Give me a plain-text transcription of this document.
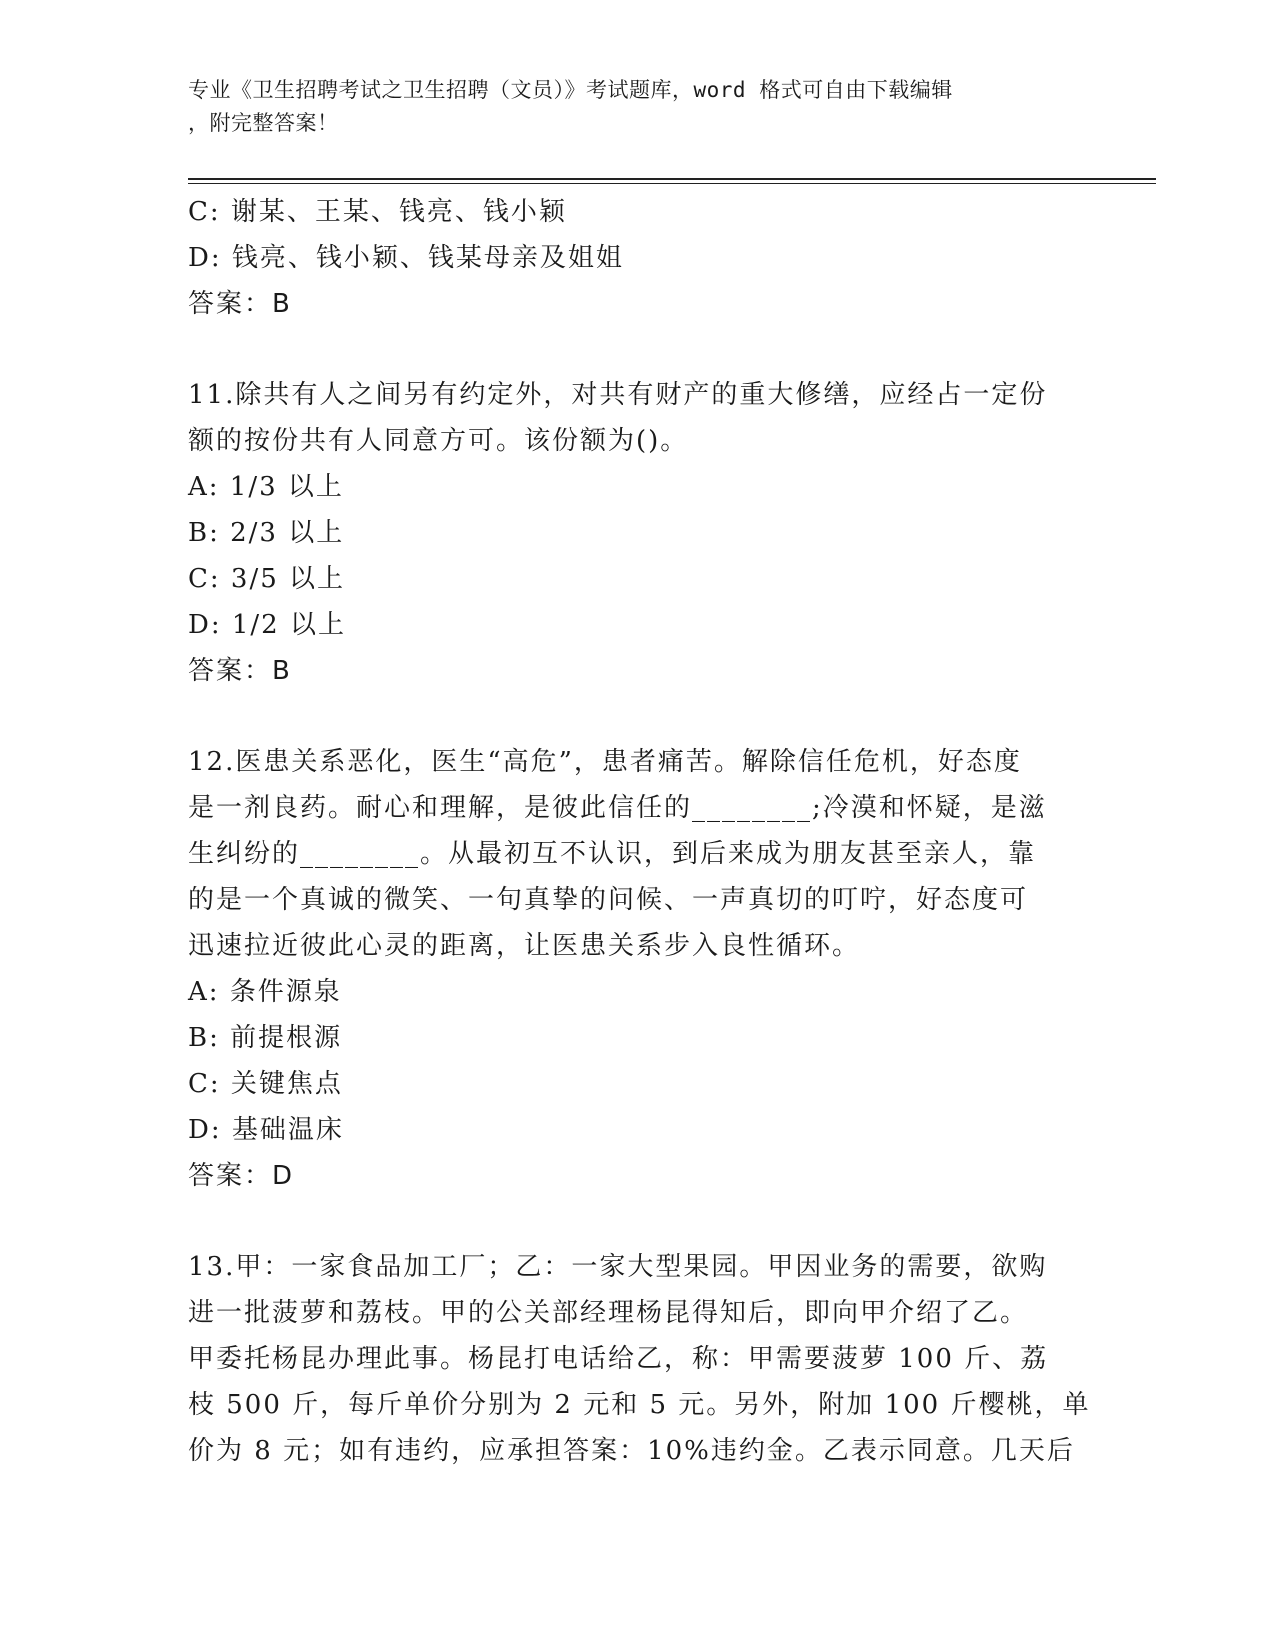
专业《卫生招聘考试之卫生招聘（文员）》考试题库，word 格式可自由下载编辑
，附完整答案！
C: 谢某、王某、钱亮、钱小颖
D: 钱亮、钱小颖、钱某母亲及姐姐
答案：B
11.除共有人之间另有约定外，对共有财产的重大修缮，应经占一定份
额的按份共有人同意方可。该份额为()。
A: 1/3 以上
B: 2/3 以上
C: 3/5 以上
D: 1/2 以上
答案：B
12.医患关系恶化，医生“高危”，患者痛苦。解除信任危机，好态度
是一剂良药。耐心和理解，是彼此信任的________;冷漠和怀疑，是滋
生纠纷的________。从最初互不认识，到后来成为朋友甚至亲人，靠
的是一个真诚的微笑、一句真挚的问候、一声真切的叮咛，好态度可
迅速拉近彼此心灵的距离，让医患关系步入良性循环。
A: 条件源泉
B: 前提根源
C: 关键焦点
D: 基础温床
答案：D
13.甲：一家食品加工厂；乙：一家大型果园。甲因业务的需要，欲购
进一批菠萝和荔枝。甲的公关部经理杨昆得知后，即向甲介绍了乙。
甲委托杨昆办理此事。杨昆打电话给乙，称：甲需要菠萝 100 斤、荔
枝 500 斤，每斤单价分别为 2 元和 5 元。另外，附加 100 斤樱桃，单
价为 8 元；如有违约，应承担答案：10%违约金。乙表示同意。几天后
